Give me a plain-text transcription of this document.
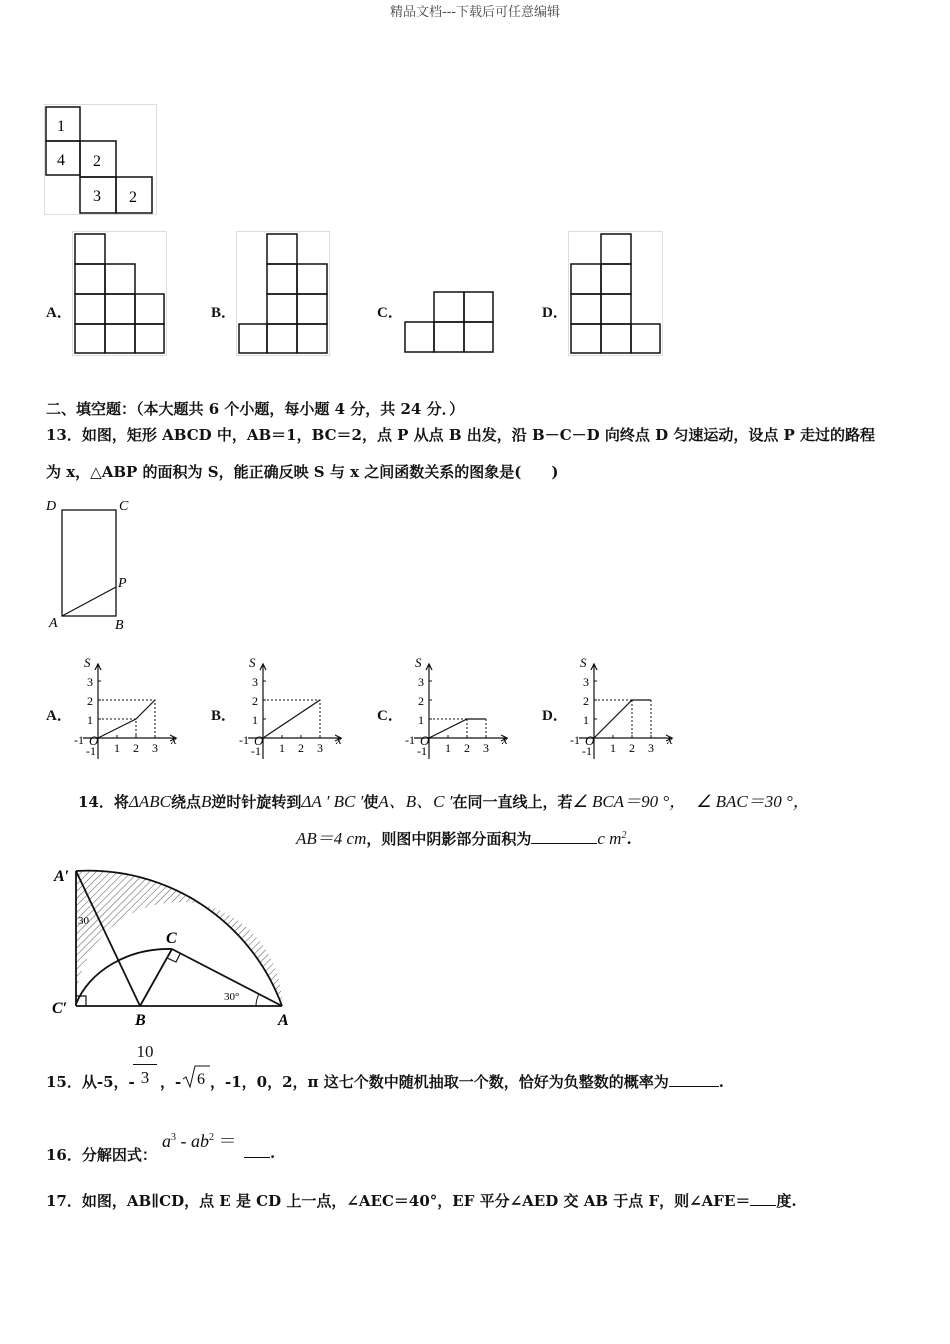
精品文档---下载后可任意编辑
1
4 2
3 2
A．	B．	C．	D．
二、填空题：（本大题共 6 个小题，每小题 4 分，共 24 分．）
13．如图，矩形 ABCD 中，AB＝1，BC＝2，点 P 从点 B 出发，沿 B－C－D 向终点 D 匀速运动，设点 P 走过的路程
为 x，△ABP 的面积为 S，能正确反映 S 与 x 之间函数关系的图象是(　　)
D	C
P
A	B
A．	B．	C．	D．
S
x
3
2
1
-1
-1 O 1 2 3
S
x
3
2
1
-1
-1 O 1 2 3
S
x
3
2
1
-1
-1 O 1 2 3
S
x
3
2
1
-1
-1 O 1 2 3
14．将ΔABC绕点B逆时针旋转到ΔA ′ BC ′使A、B、C ′在同一直线上，若∠ BCA＝90 °， ∠ BAC＝30 °，
AB＝4 cm，则图中阴影部分面积为	c $m^2$.
A′
C
C′
B	A
30
30°
15．从-5，-
10
3 ，- 6 ，-1，0，2，π 这七个数中随机抽取一个数，恰好为负整数的概率为	.
16．分解因式：
$a^3 - ab^2$ ＝
.
17．如图，AB∥CD，点 E 是 CD 上一点，∠AEC＝40°，EF 平分∠AED 交 AB 于点 F，则∠AFE＝ 度.
